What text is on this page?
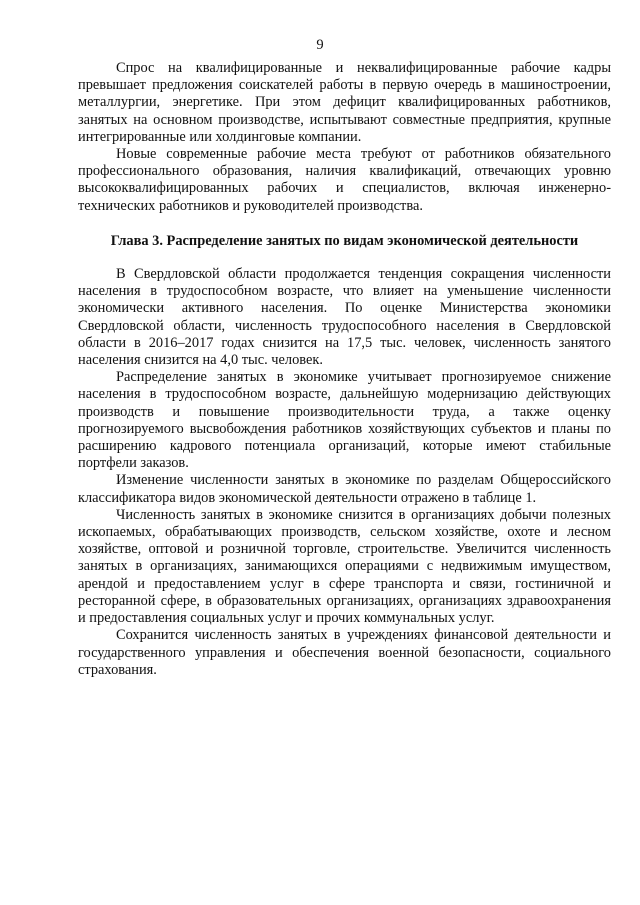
9

Спрос на квалифицированные и неквалифицированные рабочие кадры превышает предложения соискателей работы в первую очередь в машиностроении, металлургии, энергетике. При этом дефицит квалифицированных работников, занятых на основном производстве, испытывают совместные предприятия, крупные интегрированные или холдинговые компании.

Новые современные рабочие места требуют от работников обязательного профессионального образования, наличия квалификаций, отвечающих уровню высококвалифицированных рабочих и специалистов, включая инженерно-технических работников и руководителей производства.

Глава 3. Распределение занятых по видам экономической деятельности

В Свердловской области продолжается тенденция сокращения численности населения в трудоспособном возрасте, что влияет на уменьшение численности экономически активного населения. По оценке Министерства экономики Свердловской области, численность трудоспособного населения в Свердловской области в 2016–2017 годах снизится на 17,5 тыс. человек, численность занятого населения снизится на 4,0 тыс. человек.

Распределение занятых в экономике учитывает прогнозируемое снижение населения в трудоспособном возрасте, дальнейшую модернизацию действующих производств и повышение производительности труда, а также оценку прогнозируемого высвобождения работников хозяйствующих субъектов и планы по расширению кадрового потенциала организаций, которые имеют стабильные портфели заказов.

Изменение численности занятых в экономике по разделам Общероссийского классификатора видов экономической деятельности отражено в таблице 1.

Численность занятых в экономике снизится в организациях добычи полезных ископаемых, обрабатывающих производств, сельском хозяйстве, охоте и лесном хозяйстве, оптовой и розничной торговле, строительстве. Увеличится численность занятых в организациях, занимающихся операциями с недвижимым имуществом, арендой и предоставлением услуг в сфере транспорта и связи, гостиничной и ресторанной сфере, в образовательных организациях, организациях здравоохранения и предоставления социальных услуг и прочих коммунальных услуг.

Сохранится численность занятых в учреждениях финансовой деятельности и государственного управления и обеспечения военной безопасности, социального страхования.
